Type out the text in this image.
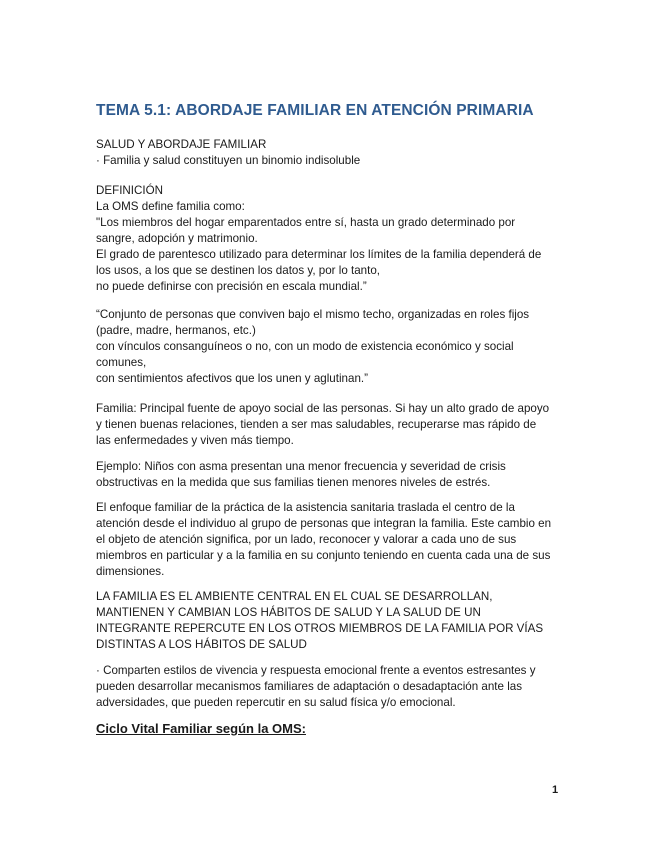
TEMA 5.1: ABORDAJE FAMILIAR EN ATENCIÓN PRIMARIA
SALUD Y ABORDAJE FAMILIAR
· Familia y salud constituyen un binomio indisoluble
DEFINICIÓN
La OMS define familia como:
"Los miembros del hogar emparentados entre sí, hasta un grado determinado por
sangre, adopción y matrimonio.
El grado de parentesco utilizado para determinar los límites de la familia dependerá de
los usos, a los que se destinen los datos y, por lo tanto,
no puede definirse con precisión en escala mundial.”
“Conjunto de personas que conviven bajo el mismo techo, organizadas en roles fijos
(padre, madre, hermanos, etc.)
con vínculos consanguíneos o no, con un modo de existencia económico y social
comunes,
con sentimientos afectivos que los unen y aglutinan.”
Familia: Principal fuente de apoyo social de las personas. Si hay un alto grado de apoyo
y tienen buenas relaciones, tienden a ser mas saludables, recuperarse mas rápido de
las enfermedades y viven más tiempo.
Ejemplo: Niños con asma presentan una menor frecuencia y severidad de crisis
obstructivas en la medida que sus familias tienen menores niveles de estrés.
El enfoque familiar de la práctica de la asistencia sanitaria traslada el centro de la
atención desde el individuo al grupo de personas que integran la familia. Este cambio en
el objeto de atención significa, por un lado, reconocer y valorar a cada uno de sus
miembros en particular y a la familia en su conjunto teniendo en cuenta cada una de sus
dimensiones.
LA FAMILIA ES EL AMBIENTE CENTRAL EN EL CUAL SE DESARROLLAN,
MANTIENEN Y CAMBIAN LOS HÁBITOS DE SALUD Y LA SALUD DE UN
INTEGRANTE REPERCUTE EN LOS OTROS MIEMBROS DE LA FAMILIA POR VÍAS
DISTINTAS A LOS HÁBITOS DE SALUD
· Comparten estilos de vivencia y respuesta emocional frente a eventos estresantes y
pueden desarrollar mecanismos familiares de adaptación o desadaptación ante las
adversidades, que pueden repercutir en su salud física y/o emocional.
Ciclo Vital Familiar según la OMS:
1
